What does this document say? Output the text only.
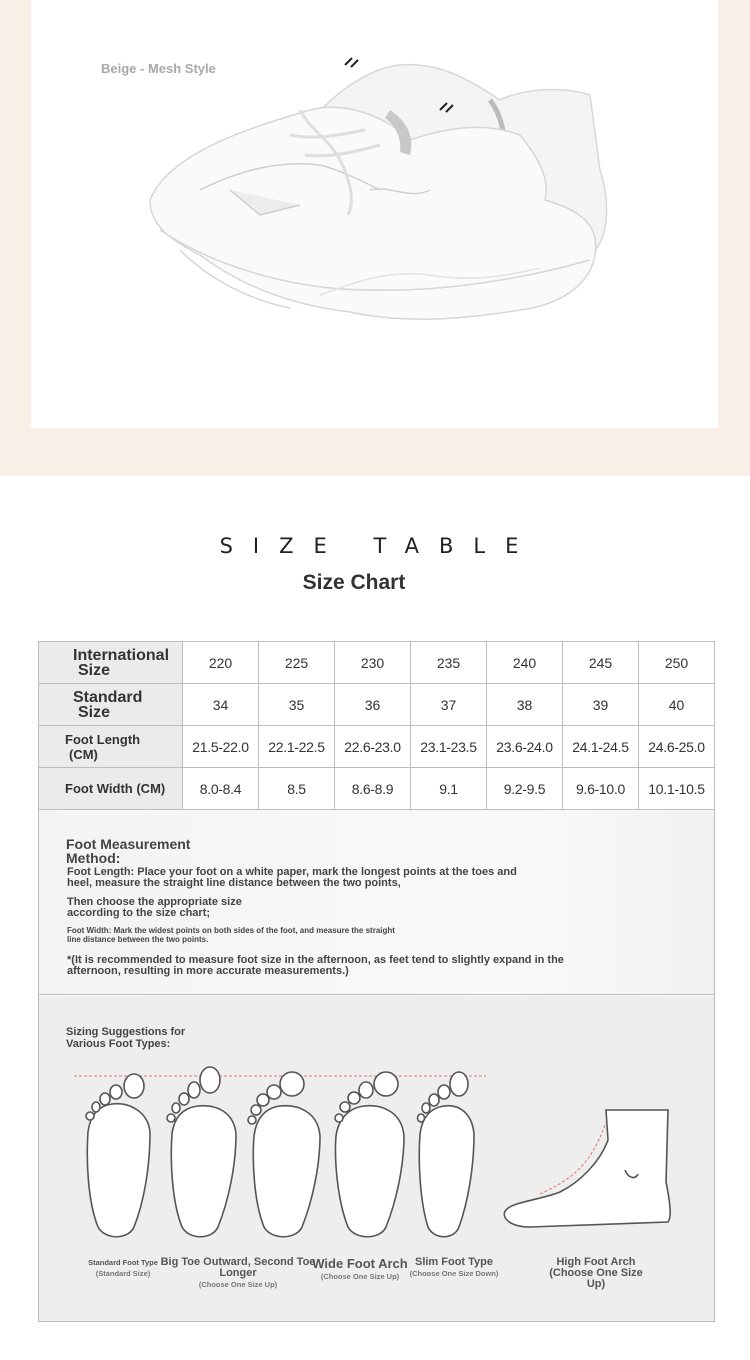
Beige - Mesh Style
SIZE TABLE
Size Chart
International
Size	220	225	230	235	240	245	250
Standard
Size	34	35	36	37	38	39	40
Foot Length
(CM)	21.5-22.0	22.1-22.5	22.6-23.0	23.1-23.5	23.6-24.0	24.1-24.5	24.6-25.0
Foot Width (CM)	8.0-8.4	8.5	8.6-8.9	9.1	9.2-9.5	9.6-10.0	10.1-10.5
Foot Measurement Method:
Foot Length: Place your foot on a white paper, mark the longest points at the toes and heel, measure the straight line distance between the two points,
Then choose the appropriate size according to the size chart;
Foot Width: Mark the widest points on both sides of the foot, and measure the straight line distance between the two points.
*(It is recommended to measure foot size in the afternoon, as feet tend to slightly expand in the afternoon, resulting in more accurate measurements.)
Sizing Suggestions for Various Foot Types:
Standard Foot Type
(Standard Size)
Big Toe Outward, Second Toe Longer
(Choose One Size Up)
Wide Foot Arch
(Choose One Size Up)
Slim Foot Type
(Choose One Size Down)
High Foot Arch
(Choose One Size Up)
